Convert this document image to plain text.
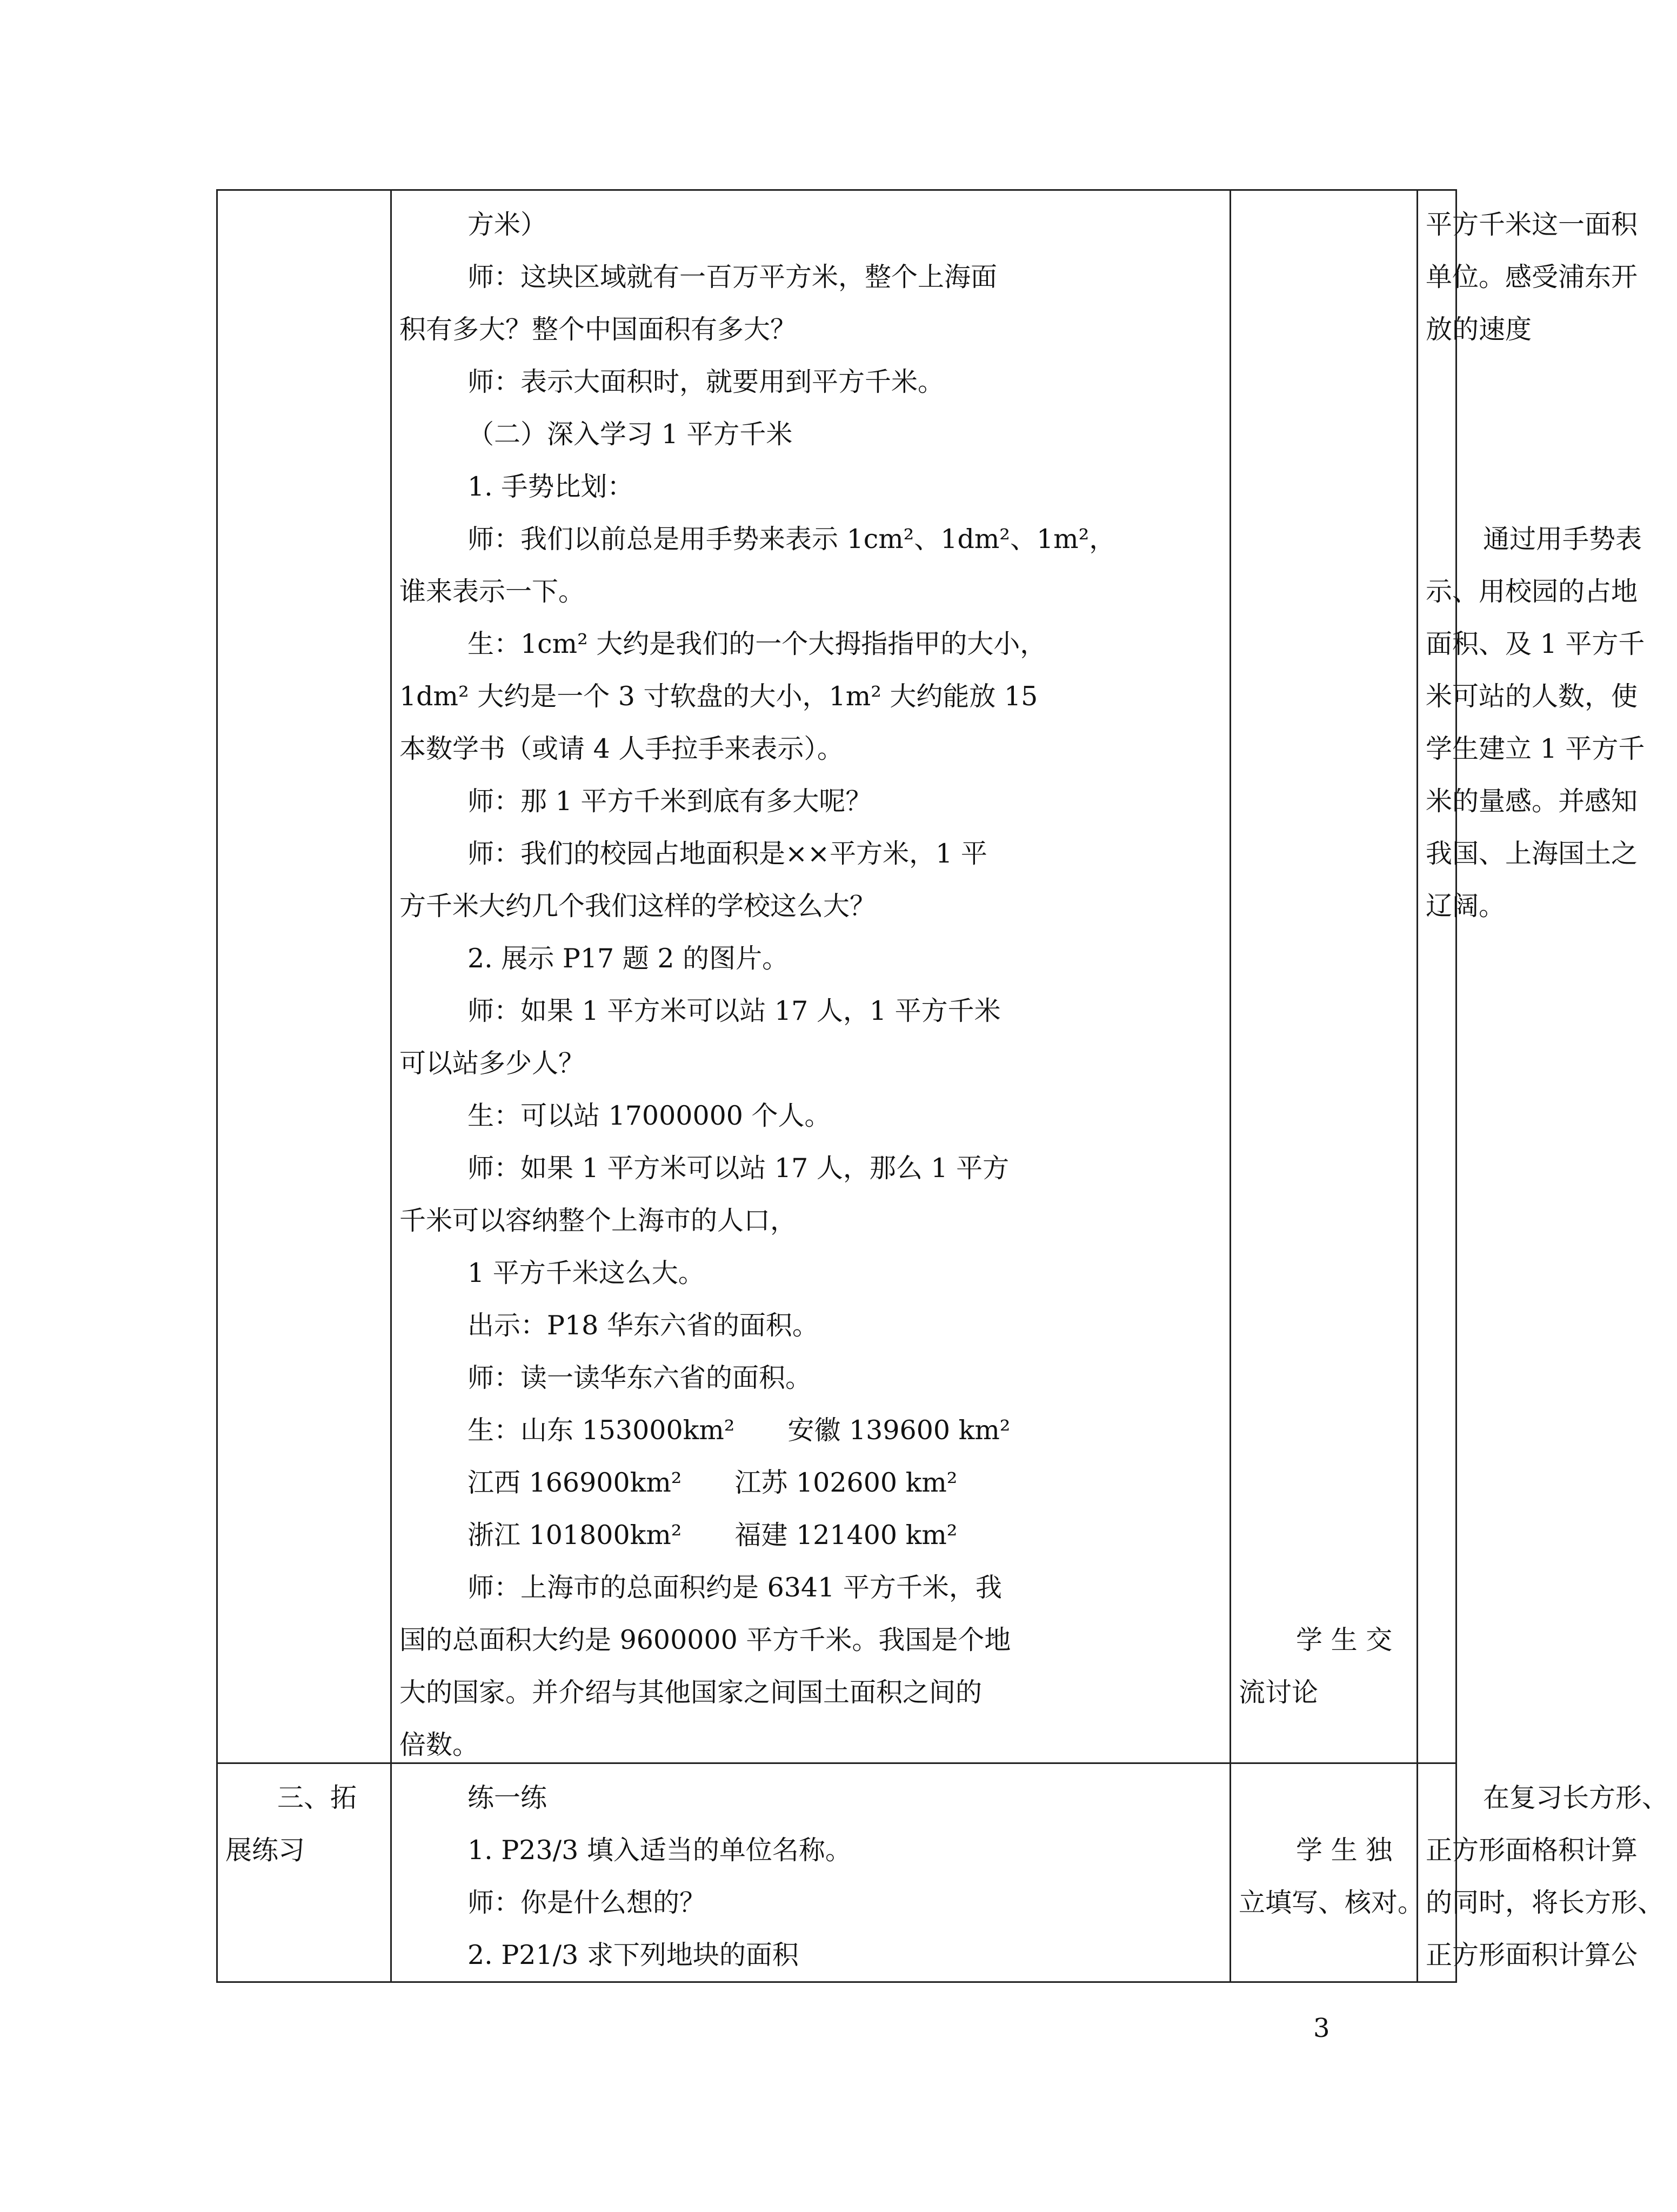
方米）
师：这块区域就有一百万平方米，整个上海面
积有多大？整个中国面积有多大？
师：表示大面积时，就要用到平方千米。
（二）深入学习 1 平方千米
1. 手势比划：
师：我们以前总是用手势来表示 1cm²、1dm²、1m²，
谁来表示一下。
生：1cm² 大约是我们的一个大拇指指甲的大小，
1dm² 大约是一个 3 寸软盘的大小，1m² 大约能放 15
本数学书（或请 4 人手拉手来表示）。
师：那 1 平方千米到底有多大呢？
师：我们的校园占地面积是××平方米，1 平
方千米大约几个我们这样的学校这么大？
2. 展示 P17 题 2 的图片。
师：如果 1 平方米可以站 17 人，1 平方千米
可以站多少人？
生：可以站 17000000 个人。
师：如果 1 平方米可以站 17 人，那么 1 平方
千米可以容纳整个上海市的人口，
1 平方千米这么大。
出示：P18 华东六省的面积。
师：读一读华东六省的面积。
生：山东 153000km²　　安徽 139600 km²
江西 166900km²　　江苏 102600 km²
浙江 101800km²　　福建 121400 km²
师：上海市的总面积约是 6341 平方千米，我
国的总面积大约是 9600000 平方千米。我国是个地
大的国家。并介绍与其他国家之间国土面积之间的
倍数。
学 生 交
流讨论
平方千米这一面积
单位。感受浦东开
放的速度
通过用手势表
示、用校园的占地
面积、及 1 平方千
米可站的人数，使
学生建立 1 平方千
米的量感。并感知
我国、上海国土之
辽阔。
三、拓
展练习
练一练
1. P23/3 填入适当的单位名称。
师：你是什么想的？
2. P21/3 求下列地块的面积
学 生 独
立填写、核对。
在复习长方形、
正方形面格积计算
的同时，将长方形、
正方形面积计算公
3
